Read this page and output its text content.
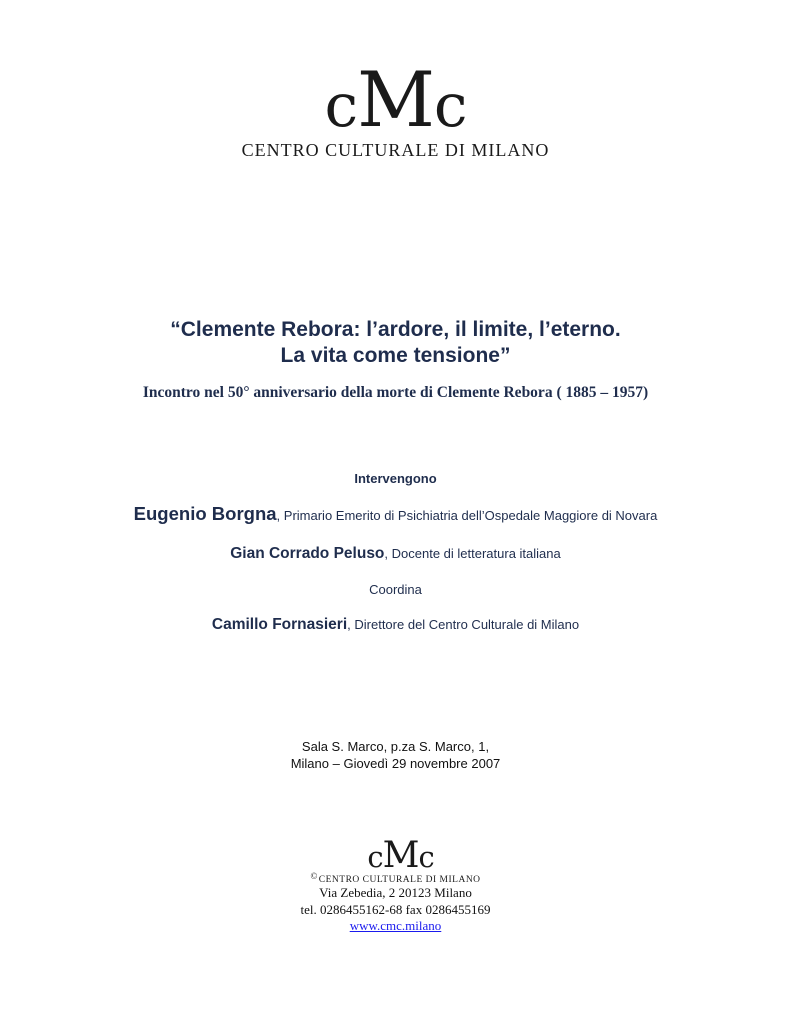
cMc
CENTRO CULTURALE DI MILANO
“Clemente Rebora: l’ardore, il limite, l’eterno.
La vita come tensione”
Incontro nel 50° anniversario della morte di Clemente Rebora ( 1885 – 1957)
Intervengono
Eugenio Borgna, Primario Emerito di Psichiatria dell’Ospedale Maggiore di Novara
Gian Corrado Peluso, Docente di letteratura italiana
Coordina
Camillo Fornasieri, Direttore del Centro Culturale di Milano
Sala S. Marco, p.za S. Marco, 1,
Milano – Giovedì 29 novembre 2007
cMc
©CENTRO CULTURALE DI MILANO
Via Zebedia, 2 20123 Milano
tel. 0286455162-68 fax 0286455169
www.cmc.milano
